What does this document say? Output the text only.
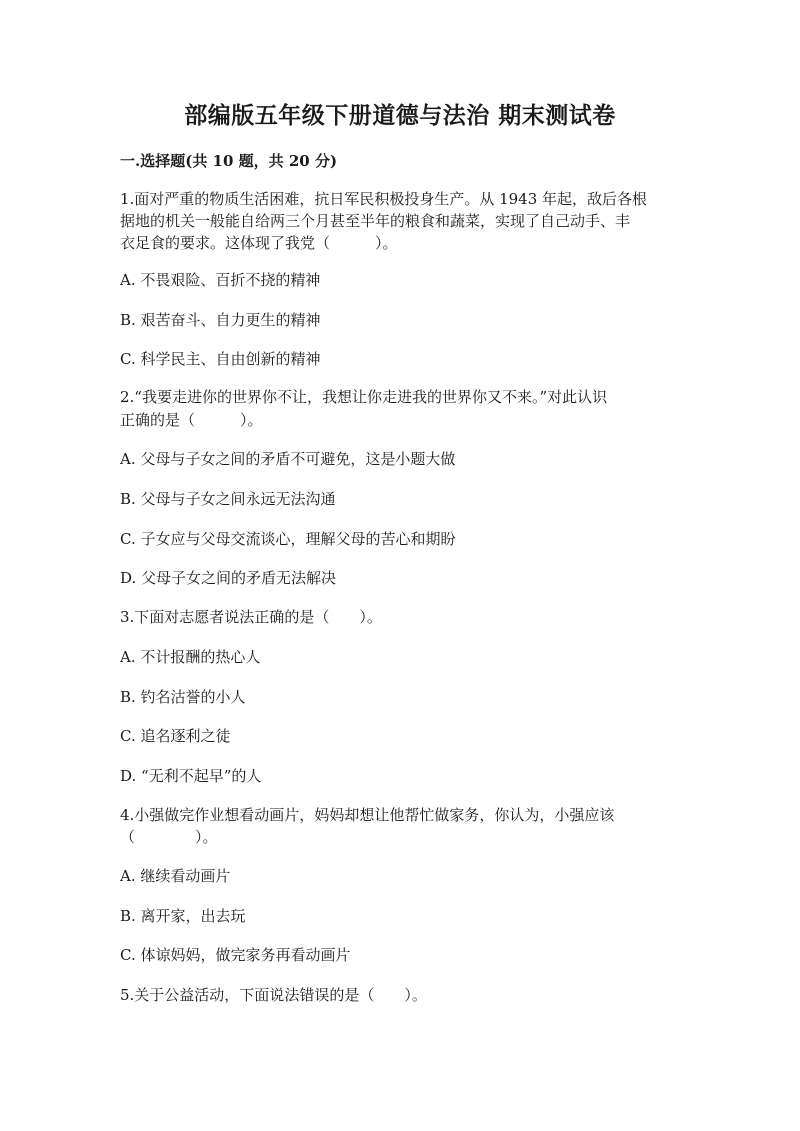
部编版五年级下册道德与法治 期末测试卷
一.选择题(共 10 题，共 20 分)
1.面对严重的物质生活困难，抗日军民积极投身生产。从 1943 年起，敌后各根
据地的机关一般能自给两三个月甚至半年的粮食和蔬菜，实现了自己动手、丰
衣足食的要求。这体现了我党（　　　）。
A. 不畏艰险、百折不挠的精神
B. 艰苦奋斗、自力更生的精神
C. 科学民主、自由创新的精神
2.“我要走进你的世界你不让，我想让你走进我的世界你又不来。”对此认识
正确的是（　　　）。
A. 父母与子女之间的矛盾不可避免，这是小题大做
B. 父母与子女之间永远无法沟通
C. 子女应与父母交流谈心，理解父母的苦心和期盼
D. 父母子女之间的矛盾无法解决
3.下面对志愿者说法正确的是（　　）。
A. 不计报酬的热心人
B. 钓名沽誉的小人
C. 追名逐利之徒
D. “无利不起早”的人
4.小强做完作业想看动画片，妈妈却想让他帮忙做家务，你认为，小强应该
（　　　　）。
A. 继续看动画片
B. 离开家，出去玩
C. 体谅妈妈，做完家务再看动画片
5.关于公益活动，下面说法错误的是（　　）。
